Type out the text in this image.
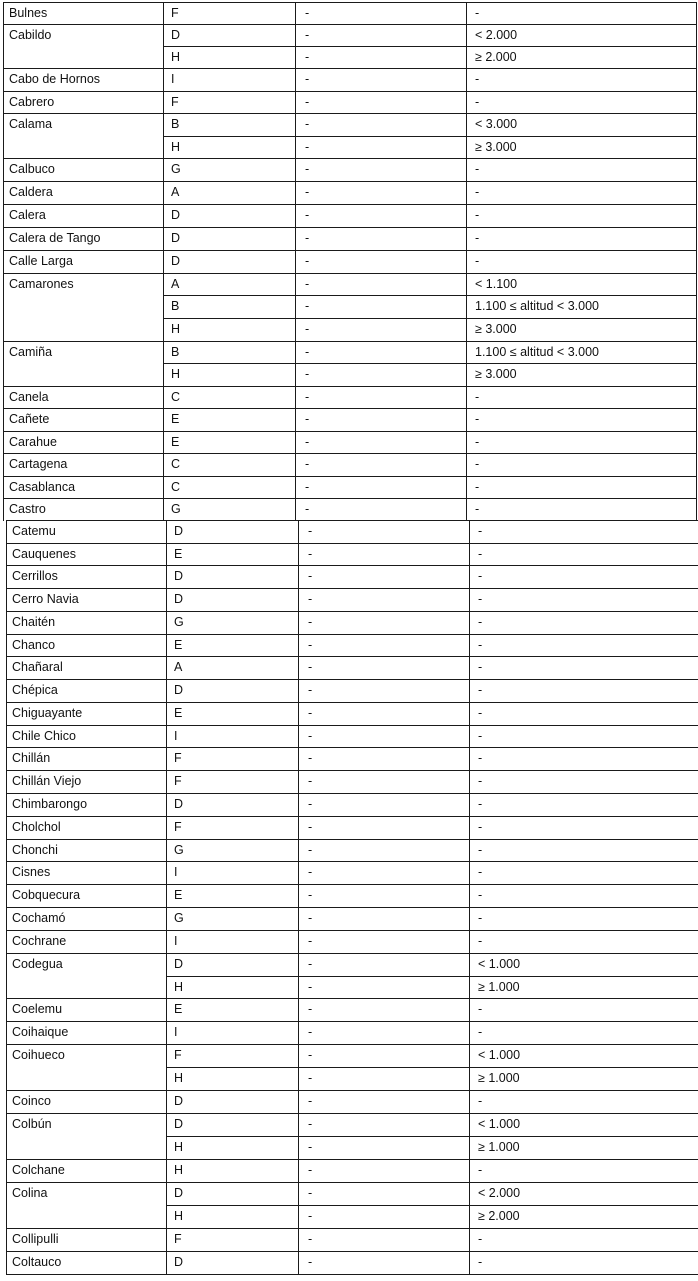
Bulnes	F	-	-
Cabildo	D	-	< 2.000
H	-	≥ 2.000
Cabo de Hornos	I	-	-
Cabrero	F	-	-
Calama	B	-	< 3.000
H	-	≥ 3.000
Calbuco	G	-	-
Caldera	A	-	-
Calera	D	-	-
Calera de Tango	D	-	-
Calle Larga	D	-	-
Camarones	A	-	< 1.100
B	-	1.100 ≤ altitud < 3.000
H	-	≥ 3.000
Camiña	B	-	1.100 ≤ altitud < 3.000
H	-	≥ 3.000
Canela	C	-	-
Cañete	E	-	-
Carahue	E	-	-
Cartagena	C	-	-
Casablanca	C	-	-
Castro	G	-	-
Catemu	D	-	-
Cauquenes	E	-	-
Cerrillos	D	-	-
Cerro Navia	D	-	-
Chaitén	G	-	-
Chanco	E	-	-
Chañaral	A	-	-
Chépica	D	-	-
Chiguayante	E	-	-
Chile Chico	I	-	-
Chillán	F	-	-
Chillán Viejo	F	-	-
Chimbarongo	D	-	-
Cholchol	F	-	-
Chonchi	G	-	-
Cisnes	I	-	-
Cobquecura	E	-	-
Cochamó	G	-	-
Cochrane	I	-	-
Codegua	D	-	< 1.000
H	-	≥ 1.000
Coelemu	E	-	-
Coihaique	I	-	-
Coihueco	F	-	< 1.000
H	-	≥ 1.000
Coinco	D	-	-
Colbún	D	-	< 1.000
H	-	≥ 1.000
Colchane	H	-	-
Colina	D	-	< 2.000
H	-	≥ 2.000
Collipulli	F	-	-
Coltauco	D	-	-
